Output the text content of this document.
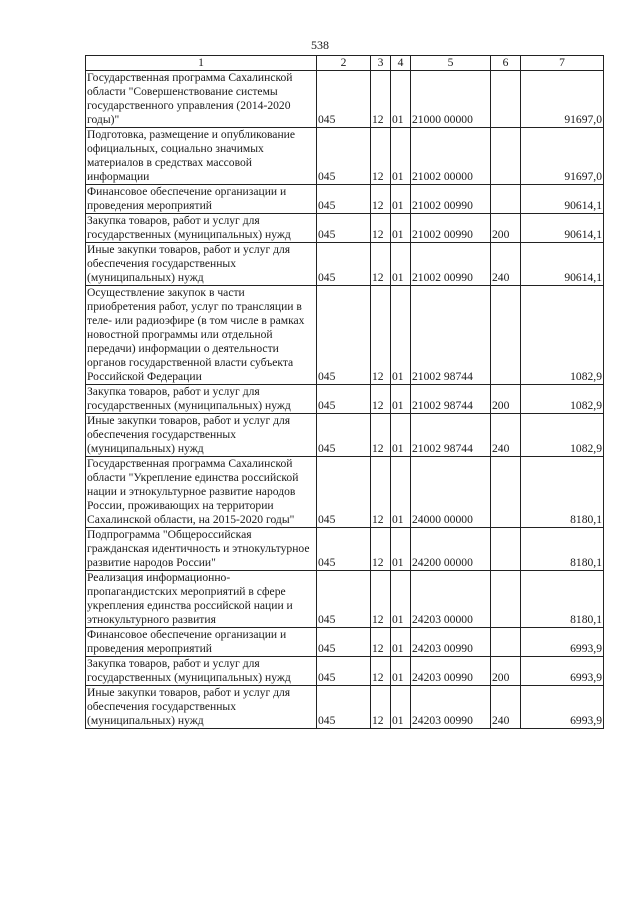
538
1	2	3	4	5	6	7
Государственная программа Сахалинской области "Совершенствование системы государственного управления (2014-2020 годы)"	045	12	01	21000 00000		91697,0
Подготовка, размещение и опубликование официальных, социально значимых материалов в средствах массовой информации	045	12	01	21002 00000		91697,0
Финансовое обеспечение организации и проведения мероприятий	045	12	01	21002 00990		90614,1
Закупка товаров, работ и услуг для государственных (муниципальных) нужд	045	12	01	21002 00990	200	90614,1
Иные закупки товаров, работ и услуг для обеспечения государственных (муниципальных) нужд	045	12	01	21002 00990	240	90614,1
Осуществление закупок в части приобретения работ, услуг по трансляции в теле- или радиоэфире (в том числе в рамках новостной программы или отдельной передачи) информации о деятельности органов государственной власти субъекта Российской Федерации	045	12	01	21002 98744		1082,9
Закупка товаров, работ и услуг для государственных (муниципальных) нужд	045	12	01	21002 98744	200	1082,9
Иные закупки товаров, работ и услуг для обеспечения государственных (муниципальных) нужд	045	12	01	21002 98744	240	1082,9
Государственная программа Сахалинской области "Укрепление единства российской нации и этнокультурное развитие народов России, проживающих на территории Сахалинской области, на 2015-2020 годы"	045	12	01	24000 00000		8180,1
Подпрограмма "Общероссийская гражданская идентичность и этнокультурное развитие народов России"	045	12	01	24200 00000		8180,1
Реализация информационно-пропагандистских мероприятий в сфере укрепления единства российской нации и этнокультурного развития	045	12	01	24203 00000		8180,1
Финансовое обеспечение организации и проведения мероприятий	045	12	01	24203 00990		6993,9
Закупка товаров, работ и услуг для государственных (муниципальных) нужд	045	12	01	24203 00990	200	6993,9
Иные закупки товаров, работ и услуг для обеспечения государственных (муниципальных) нужд	045	12	01	24203 00990	240	6993,9
